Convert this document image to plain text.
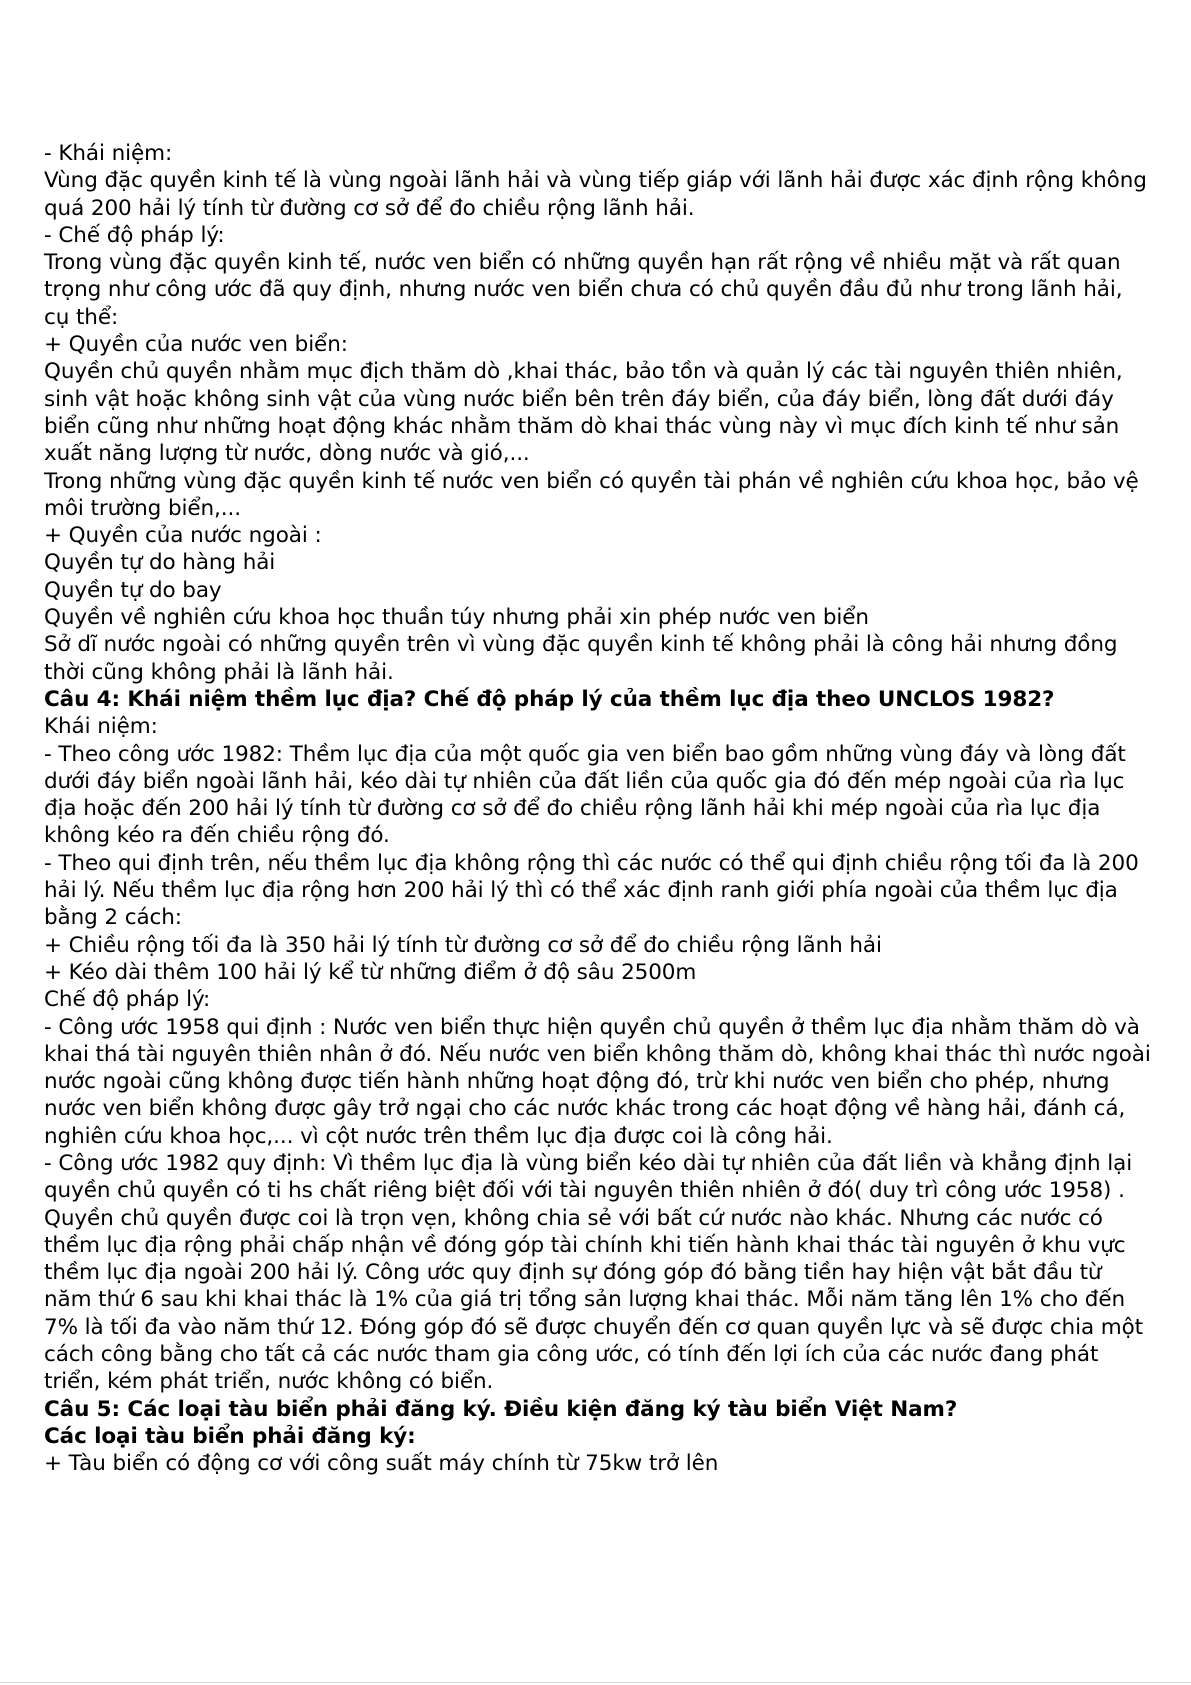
- Khái niệm:

Vùng đặc quyền kinh tế là vùng ngoài lãnh hải và vùng tiếp giáp với lãnh hải được xác định rộng không quá 200 hải lý tính từ đường cơ sở để đo chiều rộng lãnh hải.

- Chế độ pháp lý:

Trong vùng đặc quyền kinh tế, nước ven biển có những quyền hạn rất rộng về nhiều mặt và rất quan trọng như công ước đã quy định, nhưng nước ven biển chưa có chủ quyền đầu đủ như trong lãnh hải, cụ thể:

+ Quyền của nước ven biển:

Quyền chủ quyền nhằm mục địch thăm dò ,khai thác, bảo tồn và quản lý các tài nguyên thiên nhiên, sinh vật hoặc không sinh vật của vùng nước biển bên trên đáy biển, của đáy biển, lòng đất dưới đáy biển cũng như những hoạt động khác nhằm thăm dò khai thác vùng này vì mục đích kinh tế như sản xuất năng lượng từ nước, dòng nước và gió,...

Trong những vùng đặc quyền kinh tế nước ven biển có quyền tài phán về nghiên cứu khoa học, bảo vệ môi trường biển,...

+ Quyền của nước ngoài :

Quyền tự do hàng hải

Quyền tự do bay

Quyền về nghiên cứu khoa học thuần túy nhưng phải xin phép nước ven biển

Sở dĩ nước ngoài có những quyền trên vì vùng đặc quyền kinh tế không phải là công hải nhưng đồng thời cũng không phải là lãnh hải.

Câu 4: Khái niệm thềm lục địa? Chế độ pháp lý của thềm lục địa theo UNCLOS 1982?

Khái niệm:

- Theo công ước 1982: Thềm lục địa của một quốc gia ven biển bao gồm những vùng đáy và lòng đất dưới đáy biển ngoài lãnh hải, kéo dài tự nhiên của đất liền của quốc gia đó đến mép ngoài của rìa lục địa hoặc đến 200 hải lý tính từ đường cơ sở để đo chiều rộng lãnh hải khi mép ngoài của rìa lục địa không kéo ra đến chiều rộng đó.

- Theo qui định trên, nếu thềm lục địa không rộng thì các nước có thể qui định chiều rộng tối đa là 200 hải lý. Nếu thềm lục địa rộng hơn 200 hải lý thì có thể xác định ranh giới phía ngoài của thềm lục địa bằng 2 cách:

+ Chiều rộng tối đa là 350 hải lý tính từ đường cơ sở để đo chiều rộng lãnh hải

+ Kéo dài thêm 100 hải lý kể từ những điểm ở độ sâu 2500m

Chế độ pháp lý:

- Công ước 1958 qui định : Nước ven biển thực hiện quyền chủ quyền ở thềm lục địa nhằm thăm dò và khai thá tài nguyên thiên nhân ở đó. Nếu nước ven biển không thăm dò, không khai thác thì nước ngoài nước ngoài cũng không được tiến hành những hoạt động đó, trừ khi nước ven biển cho phép, nhưng nước ven biển không được gây trở ngại cho các nước khác trong các hoạt động về hàng hải, đánh cá, nghiên cứu khoa học,... vì cột nước trên thềm lục địa được coi là công hải.

- Công ước 1982 quy định: Vì thềm lục địa là vùng biển kéo dài tự nhiên của đất liền và khẳng định lại quyền chủ quyền có ti hs chất riêng biệt đối với tài nguyên thiên nhiên ở đó( duy trì công ước 1958) . Quyền chủ quyền được coi là trọn vẹn, không chia sẻ với bất cứ nước nào khác. Nhưng các nước có thềm lục địa rộng phải chấp nhận về đóng góp tài chính khi tiến hành khai thác tài nguyên ở khu vực thềm lục địa ngoài 200 hải lý. Công ước quy định sự đóng góp đó bằng tiền hay hiện vật bắt đầu từ năm thứ 6 sau khi khai thác là 1% của giá trị tổng sản lượng khai thác. Mỗi năm tăng lên 1% cho đến 7% là tối đa vào năm thứ 12. Đóng góp đó sẽ được chuyển đến cơ quan quyền lực và sẽ được chia một cách công bằng cho tất cả các nước tham gia công ước, có tính đến lợi ích của các nước đang phát triển, kém phát triển, nước không có biển.

Câu 5: Các loại tàu biển phải đăng ký. Điều kiện đăng ký tàu biển Việt Nam?

Các loại tàu biển phải đăng ký:

+ Tàu biển có động cơ với công suất máy chính từ 75kw trở lên
